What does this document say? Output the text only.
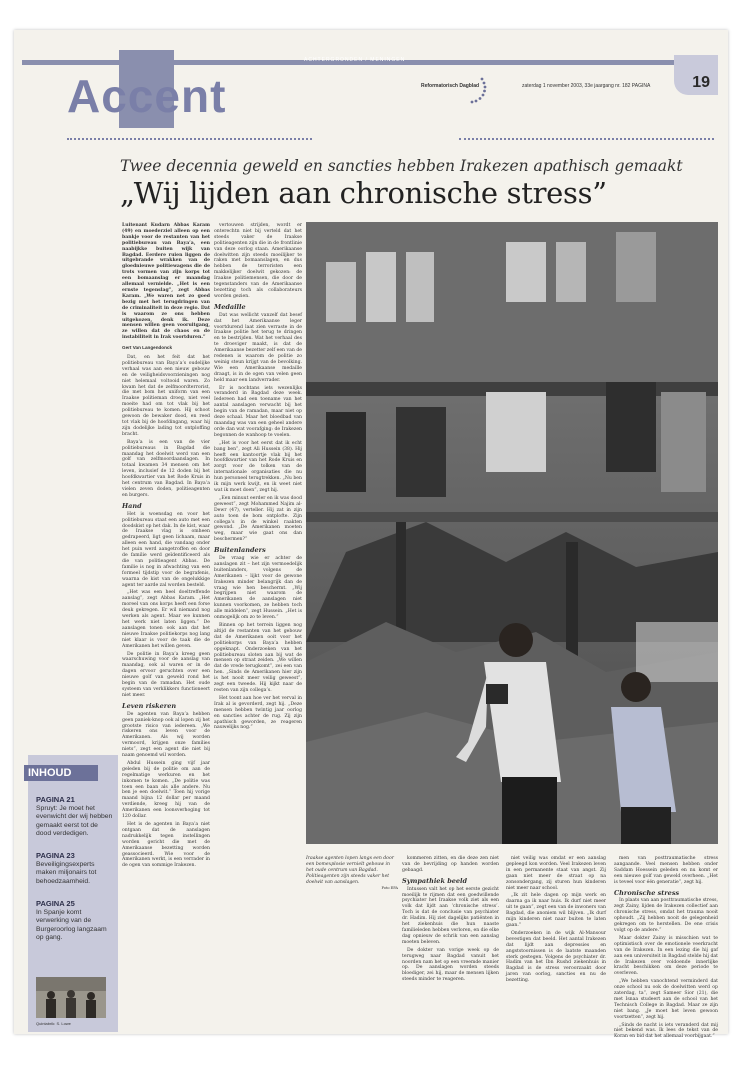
ACHTERGRONDEN / MENINGEN
19
Accent	Reformatorisch Dagblad	zaterdag 1 november 2003, 33e jaargang nr. 182 PAGINA
Twee decennia geweld en sancties hebben Irakezen apathisch gemaakt
„Wij lijden aan chronische stress”

Luitenant Kudarn Abbas Karam (49) en moederziel alleen op een bankje voor de restanten van het politiebureau van Baya’a, een naabijkke buiten wijk van Bagdad. Eerdere ruien liggen de uitgebrande wrakken van de gloednieuwe politiewagens die de trots vormen van zijn korps tot een bomaanslag er maandag allemaal vernielde. „Het is een ernste tegenslag”, zegt Abbas Karam. „We waren net zo goed bezig met het terugdringen van de criminaliteit in deze regio. Dat is waarom ze ons hebben uitgekozen, denk ik. Deze mensen willen geen vooruitgang, ze willen dat de chaos en de instabiliteit in Irak voortduren.”

Gert Van Langendonck

Dat, en het feit dat het politiebureau van Baya’a’s oudelijke verhaal was aan een nieuw gebouw en de veiligheidsvoorzieningen nog niet helemaal voltooid waren. Zo kwam het dat de zelfmoordterrorist, die met bom het uniform van een Iraakse politieman droeg, niet veel moeite had om tot vlak bij het politiebureau te komen. Hij schoot gewoon de bewaker dood, en reed tot vlak bij de hoofdingang, waar hij zijn dodelijke lading tot ontploffing bracht.

Baya’a is een van de vier politiebureaus in Bagdad die maandag het doelwit werd van een golf van zelfmoordaanslagen. In totaal kwamen 34 mensen om het leven, inclusief de 12 doden bij het hoofdkwartier van het Rode Kruis in het centrum van Bagdad. In Baya’a vielen zeven doden, politieagenten en burgers.

Hand

Het is woensdag en voor het politiebureau staat een auto met een doodskist op het dak. In de kist, waar de Iraakse vlag is omheen gedrapeerd, ligt geen lichaam, maar alleen een hand, die vandaag onder het puin werd aangetroffen en door de familie werd geïdentificeerd als die van politieagent Abbas. De familie is nog in afwachting van een formeel tijdstip voor de begrafenis, waarna de kist van de ongelukkige agent ter aarde zal worden besteld.

„Het was een heel doeltreffende aanslag”, zegt Abbas Karam. „Het moreel van ons korps heeft een forse deuk gekregen. Er wil niemand nog werken als agent. Maar we kunnen het werk niet laten liggen.” De aanslagen tonen ook aan dat het nieuwe Iraakse politiekorps nog lang niet klaar is voor de taak die de Amerikanen het willen geven.

De politie in Baya’a kreeg geen waarschuwing voor de aanslag van maandag, ook al waren er in de dagen ervoor geruchten over een nieuwe golf van geweld rond het begin van de ramadan. Het oude systeem van verklikkers functioneert niet meer.

Leven riskeren

De agenten van Baya’a hebben geen paniek-knop ook al lopen zij het grootste risico van iedereen. „We riskeren ons leven voor de Amerikanen. Als wij worden vermoord, krijgen onze families niets”, zegt een agent die niet bij naam genoemd wil worden.

Abdul Hussein ging vijf jaar geleden bij de politie om aan de regelmatige werkuren en het inkomen te komen. „De politie was toen een baan als alle andere. Nu ben je een doelwit.” Toen hij vorige maand bijna 12 dollar per maand verdiende, kreeg hij van de Amerikanen een loonsverhoging tot 120 dollar.

Het is de agenten in Baya’a niet ontgaan dat de aanslagen nadrukkelijk tegen instellingen worden gericht die met de Amerikaanse bezetting worden geassocieerd. Wie voor de Amerikanen werkt, is een verrader in de ogen van sommige Irakezen.

vertouwen strijden, wordt er onterechtn niet bij verteld dat het steeds vaker de Iraakse politieagenten zijn die in de frontlinie van deze oorlog staan. Amerikaanse doelwitten zijn steeds moeilijker te raken met bomaanslagen, en dus hebben de terroristen een makkelijker doelwit gekozen: de Iraakse politiemensen, die door de tegenstanders van de Amerikaanse bezetting toch als collaborateurs worden gezien.

Medaille

Dat was wellicht vanzelf dat besef dat het Amerikaanse leger voortdurend laat zien verraste in de Iraakse politie het terug te dringen en te bestrijden. Wat het verhaal des te droeviger maakt, is dat de Amerikaanse bezetter zelf een van de redenen is waarom de politie zo weinig steun krijgt van de bevolking. Wie een Amerikaanse medaille draagt, is in de ogen van velen geen held maar een landverrader.

Er is nochtans iets wezenlijks veranderd in Bagdad deze week. Iedereen had een toename van het aantal aanslagen verwacht bij het begin van de ramadan, maar niet op deze schaal. Maar het bloedbad van maandag was van een geheel andere orde dan wat voorafging: de Irakezen begonnen de wanhoop te voelen.

„Het is voor het eerst dat ik echt bang ben”, zegt Ali Hussein (38). Hij heeft een kantoortje vlak bij het hoofdkwartier van het Rode Kruis en zorgt voor de tolken van de internationale organisaties die nu hun personeel terugtrekken. „Nu ben ik mijn werk kwijt, en ik weet niet wat ik moet doen”, zegt hij.

„Een minuut eerder en ik was dood geweest”, zegt Mohammed Najim al-Dewr (47), verteller. Hij zat in zijn auto toen de bom ontplofte. Zijn collega’s in de winkel raakten gewond. „De Amerikanen moeten weg, maar wie gaat ons dan beschermen?”

Buitenlanders

De vraag wie er achter de aanslagen zit – het zijn vermoedelijk buitenlanders, volgens de Amerikanen – lijkt voor de gewone Irakezen minder belangrijk dan de vraag wie hen beschermt. „Wij begrijpen niet waarom de Amerikanen de aanslagen niet kunnen voorkomen, ze hebben toch alle middelen”, zegt Hussein. „Het is onmogelijk om zo te leven.”

Binnen op het terrein liggen nog altijd de restanten van het gebouw dat de Amerikanen ooit voor het politiekorps van Baya’a hebben opgeknapt. Onderzoeken van het politiebureau sloten aan bij wat de mensen op straat zeiden. „We willen dat de vrede terugkomt”, zei een van hen. „Sinds de Amerikanen hier zijn is het nooit meer veilig geweest”, zegt een tweede. Hij kijkt naar de resten van zijn collega’s.

Het toont aan hoe ver het verval in Irak al is gevorderd, zegt hij. „Deze mensen hebben twintig jaar oorlog en sancties achter de rug. Zij zijn apathisch geworden, ze reageren nauwelijks nog.”

Iraakse agenten lopen langs een door een bomexplosie vernielt gebouw in het oude centrum van Bagdad. Politieagenten zijn steeds vaker het doelwit van aanslagen.
Foto EPA

kommeren zitten, en die deze zen niet van de bevrijding op handen worden gebaagd.

Sympathiek beeld

Intussen valt het op het eerste gezicht moeilijk te rijmen dat een goedwillende psychiater het Iraakse volk ziet als een volk dat lijdt aan ‘chronische stress’. Toch is dat de conclusie van psychiater dr. Hadim. Hij ziet dagelijks patiënten in het ziekenhuis die hun naaste familieleden hebben verloren, en die elke dag opnieuw de schrik van een aanslag moeten beleven.

De dokter van vorige week op de terugweg naar Bagdad vanuit het noorden nam het op een vreemde manier op. De aanslagen worden steeds bloediger, zei hij, maar de mensen lijken steeds minder te reageren.

niet veilig was omdat er een aanslag gepleegd kon worden. Veel Irakezen leven in een permanente staat van angst. Zij gaan niet meer de straat op na zonsondergang, zij sturen hun kinderen niet meer naar school.

„Ik zit hele dagen op mijn werk en daarna ga ik naar huis. Ik durf niet meer uit te gaan”, zegt een van de inwoners van Bagdad, die anoniem wil blijven. „Ik durf mijn kinderen niet naar buiten te laten gaan.”

Onderzoeken in de wijk Al-Mansour bevestigen dat beeld. Het aantal Irakezen dat lijdt aan depressies en angststoornissen is de laatste maanden sterk gestegen. Volgens de psychiater dr. Hadim van het Ibn Rushd ziekenhuis in Bagdad is de stress veroorzaakt door jaren van oorlog, sancties en nu de bezetting.

men van posttraumatische stress aangaande. Veel mensen hebben onder Saddam Hoessein geleden en nu komt er een nieuwe golf van geweld overheen. „Het is teveel voor één generatie”, zegt hij.

Chronische stress

In plaats van aan posttraumatische stress, zegt Zainy, lijden de Irakezen collectief aan chronische stress, omdat het trauma nooit ophoudt. „Zij hebben nooit de gelegenheid gekregen om te herstellen. De ene crisis volgt op de andere.”

Maar dokter Zainy is misschien wat te optimistisch over de emotionele veerkracht van de Irakezen. In een lezing die hij gaf aan een universiteit in Bagdad stelde hij dat de Irakezen over voldoende innerlijke kracht beschikken om deze periode te overleven.

„We hebben vanochtend verminderd dat onze school nu ook de doelwitten werd op zaterdag, ta”, zegt Sameer Sior (21), die met Isnaa studeert aan de school van het Technisch College in Bagdad. Maar ze zijn niet bang. „Je moet het leven gewoon voortzetten”, zegt hij.

„Sinds de nacht is iets veranderd dat mij niet bekend was. Ik lees de tekst van de Koran en bid dat het allemaal voorbijgaat.”

INHOUD
PAGINA 21
Spruyt: Je moet het evenwicht der wij hebben gemaakt eerst tot de dood verdedigen.
PAGINA 23
Beveiligingsexperts maken miljonairs tot behoedzaamheid.
PAGINA 25
In Spanje komt verwerking van de Burgeroorlog langzaam op gang.
Quintabrik: S. Lowe
